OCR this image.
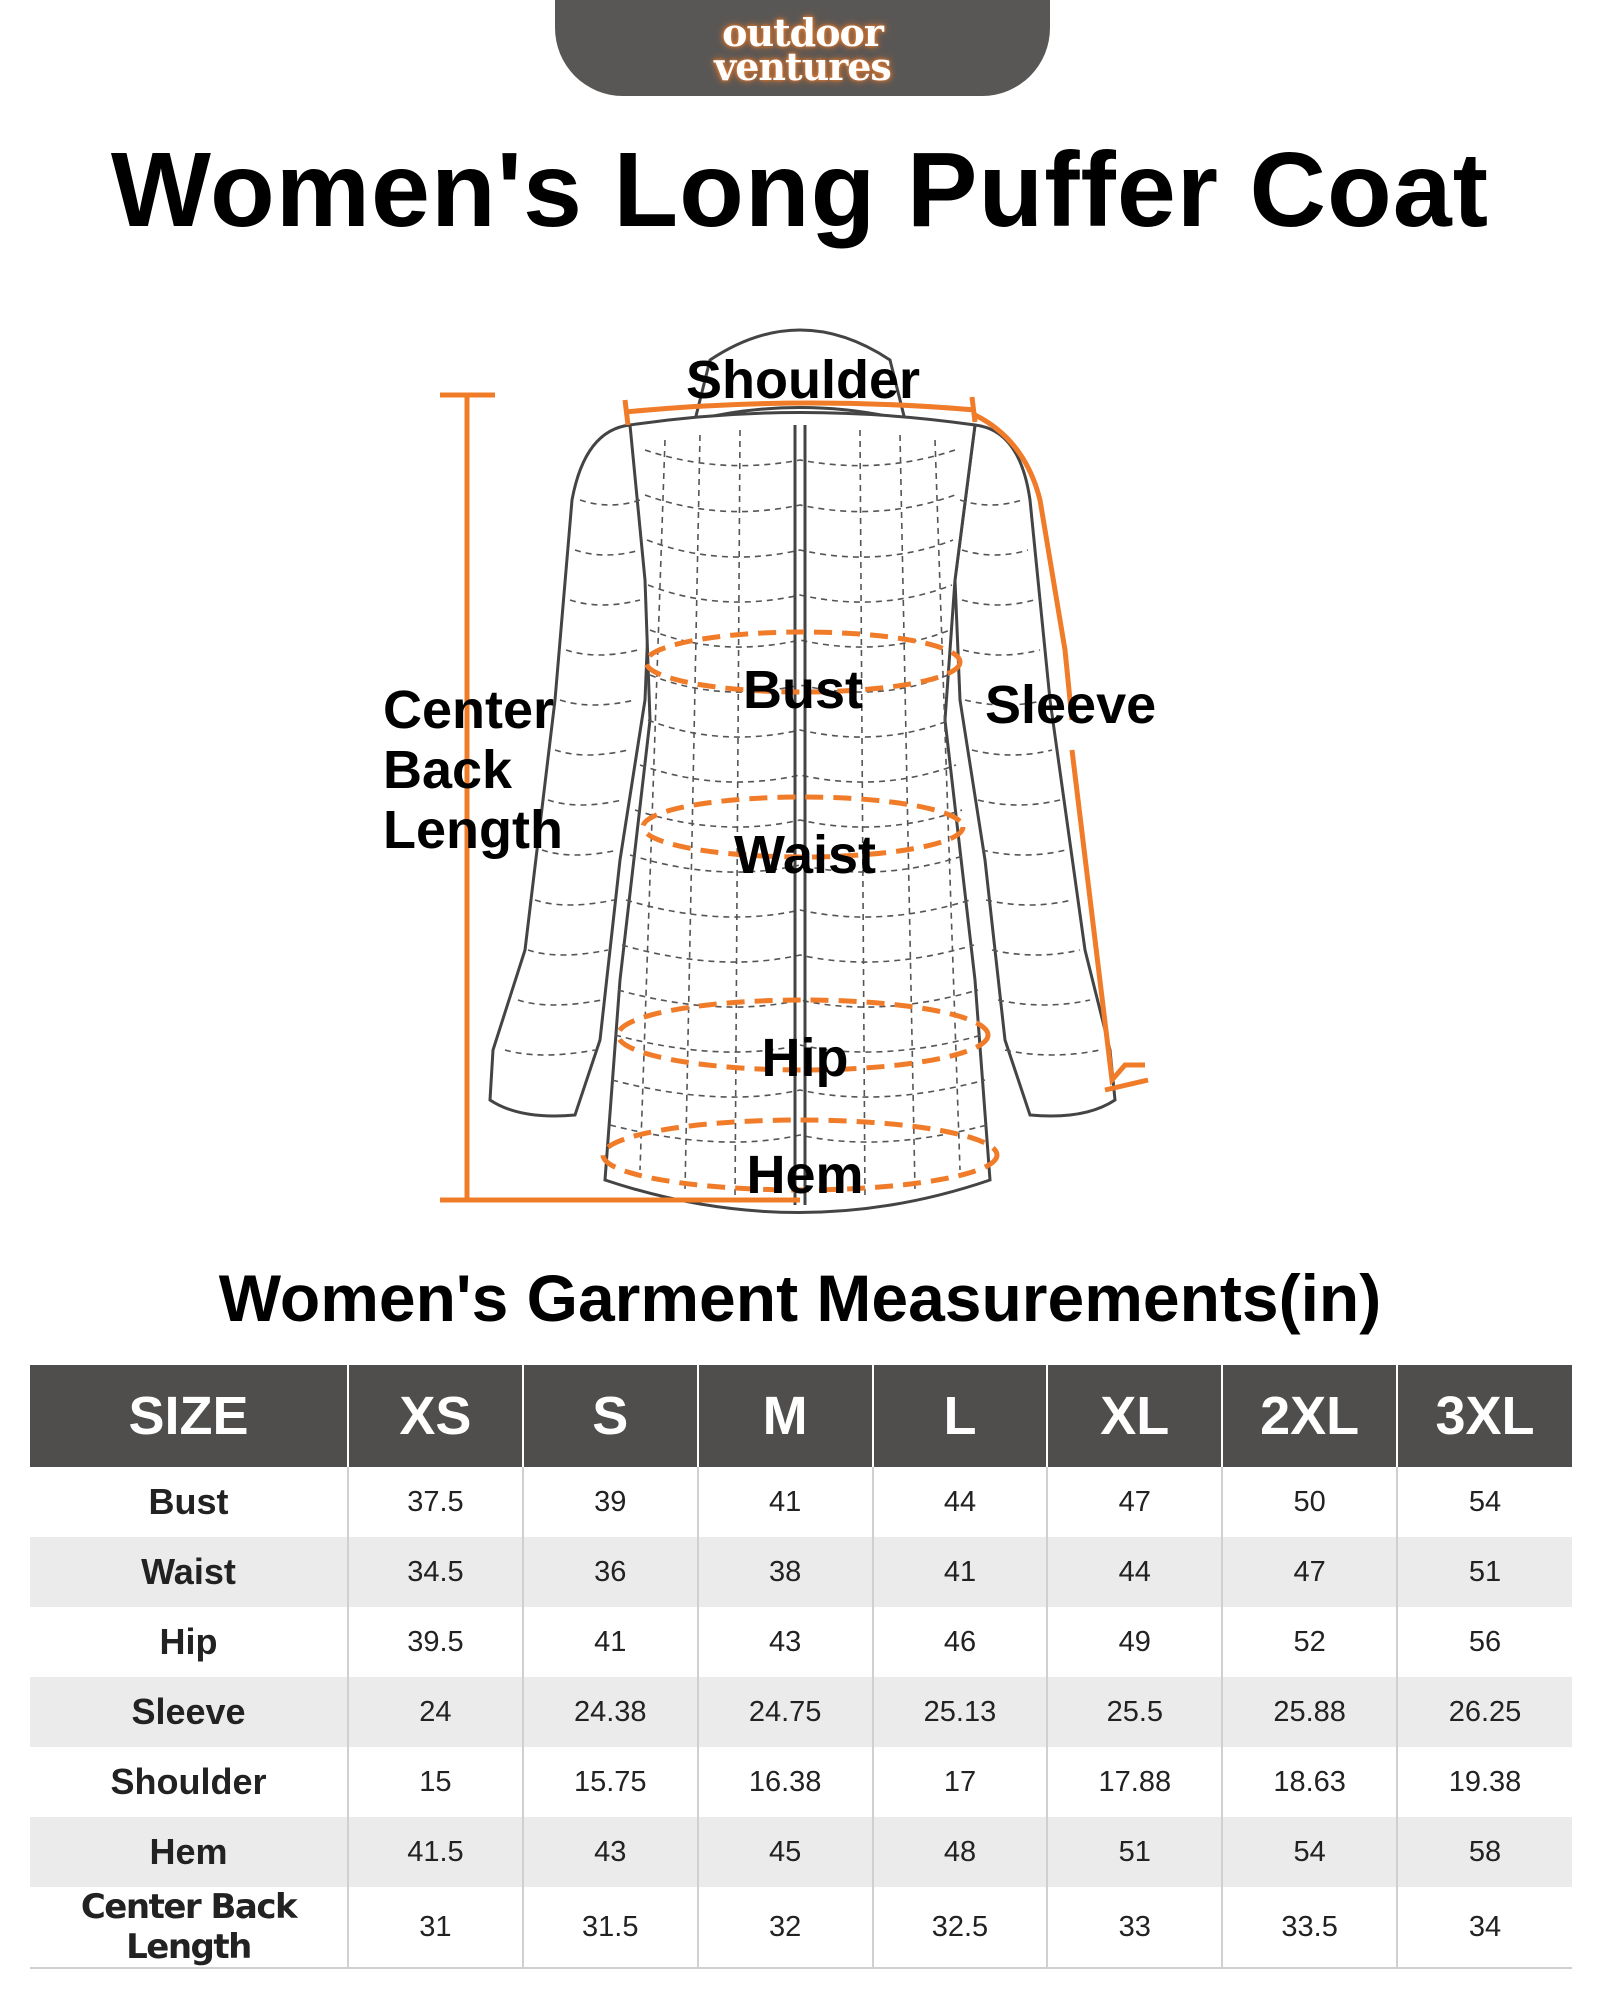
outdoor
ventures
Women's Long Puffer Coat
Shoulder
Bust Sleeve
Center
Back
Length	Waist
Hip
Hem
Women's Garment Measurements(in)
SIZE	XS	S	M	L	XL	2XL	3XL
Bust	37.5	39	41	44	47	50	54
Waist	34.5	36	38	41	44	47	51
Hip	39.5	41	43	46	49	52	56
Sleeve	24	24.38	24.75	25.13	25.5	25.88	26.25
Shoulder	15	15.75	16.38	17	17.88	18.63	19.38
Hem	41.5	43	45	48	51	54	58
Center Back Length	31	31.5	32	32.5	33	33.5	34
